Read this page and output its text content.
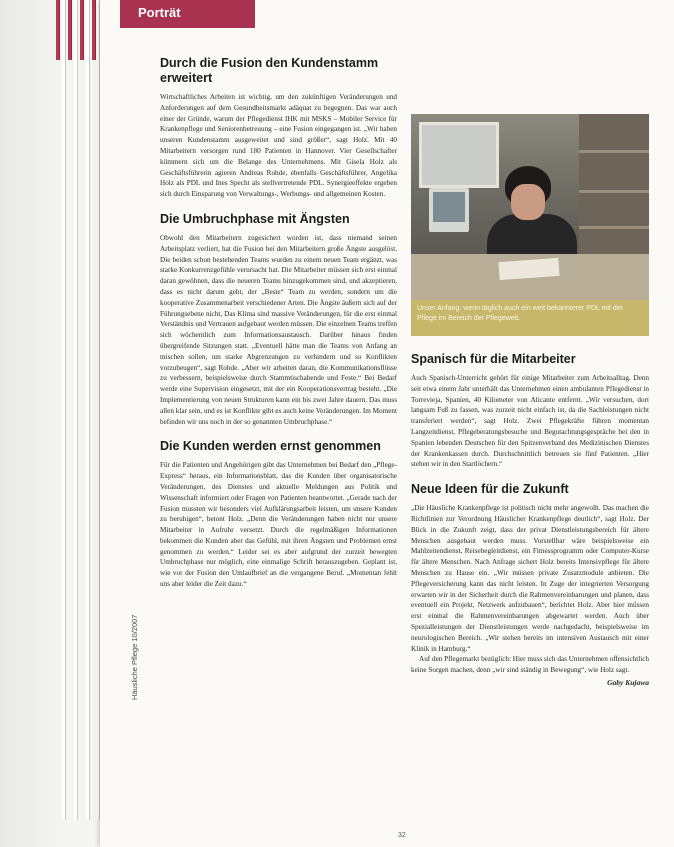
Porträt
Durch die Fusion den Kundenstamm erweitert

Wirtschaftliches Arbeiten ist wichtig, um den zukünftigen Veränderungen und Anforderungen auf dem Gesundheitsmarkt adäquat zu begegnen. Das war auch einer der Gründe, warum der Pflegedienst IHK mit MSKS – Mobiler Service für Krankenpflege und Seniorenbetreuung – eine Fusion eingegangen ist. „Wir haben unseren Kundenstamm ausgeweitet und sind größer“, sagt Holz. Mit 40 Mitarbeitern versorgen rund 180 Patienten in Hannover. Vier Gesellschafter kümmern sich um die Belange des Unternehmens. Mit Gisela Holz als Geschäftsführerin agieren Andreas Rohde, ebenfalls Geschäftsführer, Angelika Holz als PDL und Ines Specht als stellvertretende PDL. Synergieeffekte ergeben sich durch Einsparung von Verwaltungs-, Werbungs- und allgemeinen Kosten.

Die Umbruchphase mit Ängsten

Obwohl den Mitarbeitern zugesichert worden ist, dass niemand seinen Arbeitsplatz verliert, hat die Fusion bei den Mitarbeitern große Ängste ausgelöst. Die beiden schon bestehenden Teams wurden zu einem neuen Team ergänzt, was starke Konkurrenzgefühle verursacht hat. Die Mitarbeiter müssen sich erst einmal daran gewöhnen, dass die neueren Teams hinzugekommen sind, und akzeptieren, dass es nicht darum geht, der „Beste“ Team zu werden, sondern um die kooperative Zusammenarbeit verschiedener Arten. Die Ängste äußern sich auf der Führungsebene nicht, Das Klima sind massive Veränderungen, für die erst einmal Verständnis und Vertrauen aufgebaut werden müssen. Die einzelnen Teams treffen sich wöchentlich zum Informationsaustausch. Darüber hinaus finden übergreifende Sitzungen statt. „Eventuell hätte man die Teams von Anfang an mischen sollen, um starke Abgrenzungen zu verhindern und so Konflikten vorzubeugen“, sagt Rohde. „Aber wir arbeiten daran, die Kommunikationsflüsse zu verbessern, beispielsweise durch Stammtischabende und Feste.“ Bei Bedarf werde eine Supervision eingesetzt, mit der ein Kooperationsvertrag besteht. „Die Implementierung von neuen Strukturen kann ein bis zwei Jahre dauern. Das muss allen klar sein, und es ist Konflikte gibt es auch keine Veränderungen. Im Moment befinden wir uns noch in der so genannten Umbruchphase.“

Die Kunden werden ernst genommen

Für die Patienten und Angehörigen gibt das Unternehmen bei Bedarf den „Pflege-Express“ heraus, ein Informationsblatt, das die Kunden über organisatorische Veränderungen, des Dienstes und aktuelle Meldungen aus Politik und Wissenschaft informiert oder Fragen von Patienten beantwortet. „Gerade nach der Fusion mussten wir besonders viel Aufklärungsarbeit leisten, um unsere Kunden zu beruhigen“, betont Holz. „Denn die Veränderungen haben nicht nur unsere Mitarbeiter in Aufruhr versetzt. Durch die regelmäßigen Informationen bekommen die Kunden aber das Gefühl, mit ihren Ängsten und Problemen ernst genommen zu werden.“ Leider sei es aber aufgrund der zurzeit bewegten Umbruchphase nur möglich, eine einmalige Schrift herauszugeben. Geplant ist, wie vor der Fusion den Umlaufbrief an die vergangene Beruf. „Momentan fehlt uns aber leider die Zeit dazu.“

Unser Anfang: wenn täglich auch ein weit bekannterer PDL mit der Pflege im Bereich der Pflegewelt.
Spanisch für die Mitarbeiter

Auch Spanisch-Unterricht gehört für einige Mitarbeiter zum Arbeitsalltag. Denn seit etwa einem Jahr unterhält das Unternehmen einen ambulanten Pflegedienst in Torrevieja, Spanien, 40 Kilometer von Alicante entfernt. „Wir versuchen, dort langsam Fuß zu fassen, was zurzeit nicht einfach ist, da die Sachleistungen nicht transferiert werden“, sagt Holz. Zwei Pflegekräfte führen momentan Langzeitdienst, Pflegeberatungsbesuche und Begutachtungsgespräche bei den in Spanien lebenden Deutschen für den Spitzenverband des Medizinischen Dienstes der Krankenkassen durch. Durchschnittlich betreuen sie fünf Patienten. „Hier stehen wir in den Startlöchern.“

Neue Ideen für die Zukunft

„Die Häusliche Krankenpflege ist politisch nicht mehr angewollt. Das machen die Richtlinien zur Verordnung Häuslicher Krankenpflege deutlich“, sagt Holz. Der Blick in die Zukunft zeigt, dass der privat Dienstleistungsbereich für ältere Menschen ausgebaut werden muss. Vorstellbar wäre beispielsweise ein Mahlzeitendienst, Reisebegleitdienst, ein Fitnessprogramm oder Computer-Kurse für ältere Menschen. Nach Anfrage sichert Holz bereits Intensivpflege für ältere Menschen zu Hause ein. „Wir müssen private Zusatzmodule anbieten. Die Pflegeversicherung kann das nicht leisten. In Zuge der integrierten Versorgung erwarten wir in der Sicherheit durch die Rahmenvereinbarungen und planen, dass eventuell ein Projekt, Netzwerk aufzubauen“, berichtet Holz. Aber hier müssen erst einmal die Rahmenvereinbarungen abgewartet werden. Auch über Spezialleistungen der Dienstleistungen werde nachgedacht, beispielsweise im neurologischen Bereich. „Wir stehen bereits im intensiven Austausch mit einer Klinik in Hamburg.“

Auf den Pflegemarkt bezüglich: Hier muss sich das Unternehmen offensichtlich keine Sorgen machen, denn „wir sind ständig in Bewegung“, wie Holz sagt.

Gaby Kujawa
Häusliche Pflege 10/2007
32
